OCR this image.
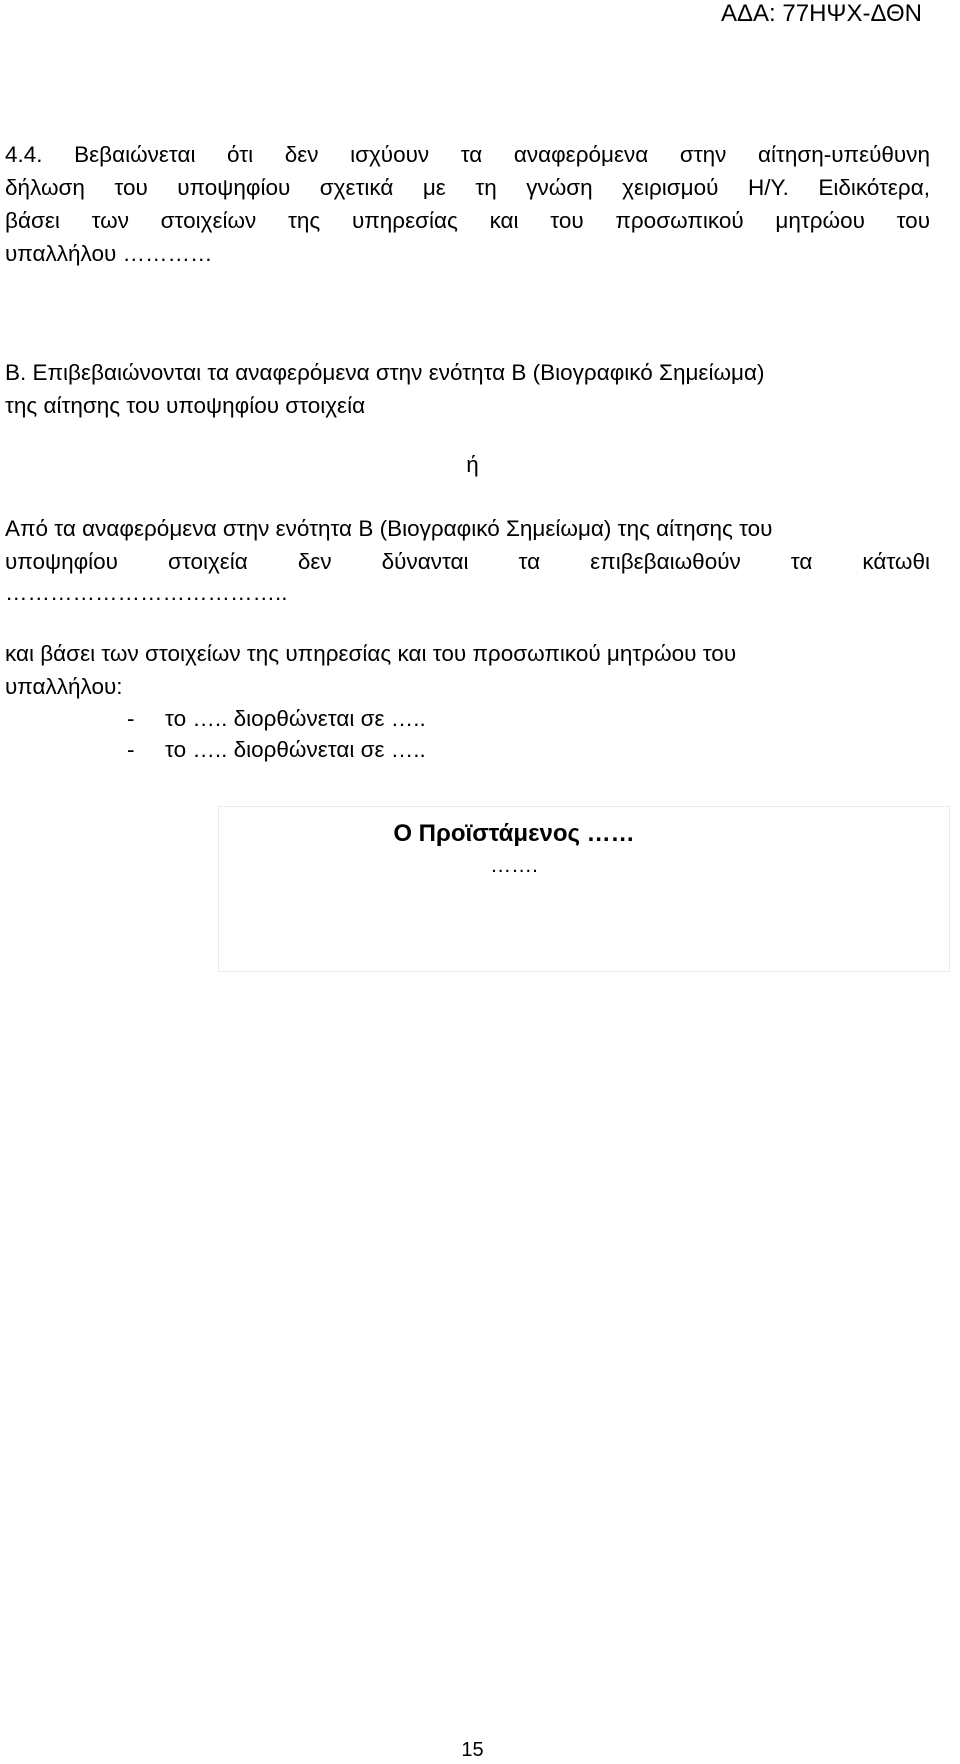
ΑΔΑ: 77ΗΨΧ-ΔΘΝ
4.4. Βεβαιώνεται ότι δεν ισχύουν τα αναφερόμενα στην αίτηση-υπεύθυνη
δήλωση του υποψηφίου σχετικά με τη γνώση χειρισμού Η/Υ. Ειδικότερα,
βάσει των στοιχείων της υπηρεσίας και του προσωπικού μητρώου του
υπαλλήλου …………
Β. Επιβεβαιώνονται τα αναφερόμενα στην ενότητα Β (Βιογραφικό Σημείωμα)
της αίτησης του υποψηφίου στοιχεία
ή
Από τα αναφερόμενα στην ενότητα Β (Βιογραφικό Σημείωμα) της αίτησης του
υποψηφίου στοιχεία δεν δύνανται τα επιβεβαιωθούν τα κάτωθι
………………………………..
και βάσει των στοιχείων της υπηρεσίας και του προσωπικού μητρώου του
υπαλλήλου:
- το ….. διορθώνεται σε …..
- το ….. διορθώνεται σε …..
Ο Προϊστάμενος ……
…….
15
